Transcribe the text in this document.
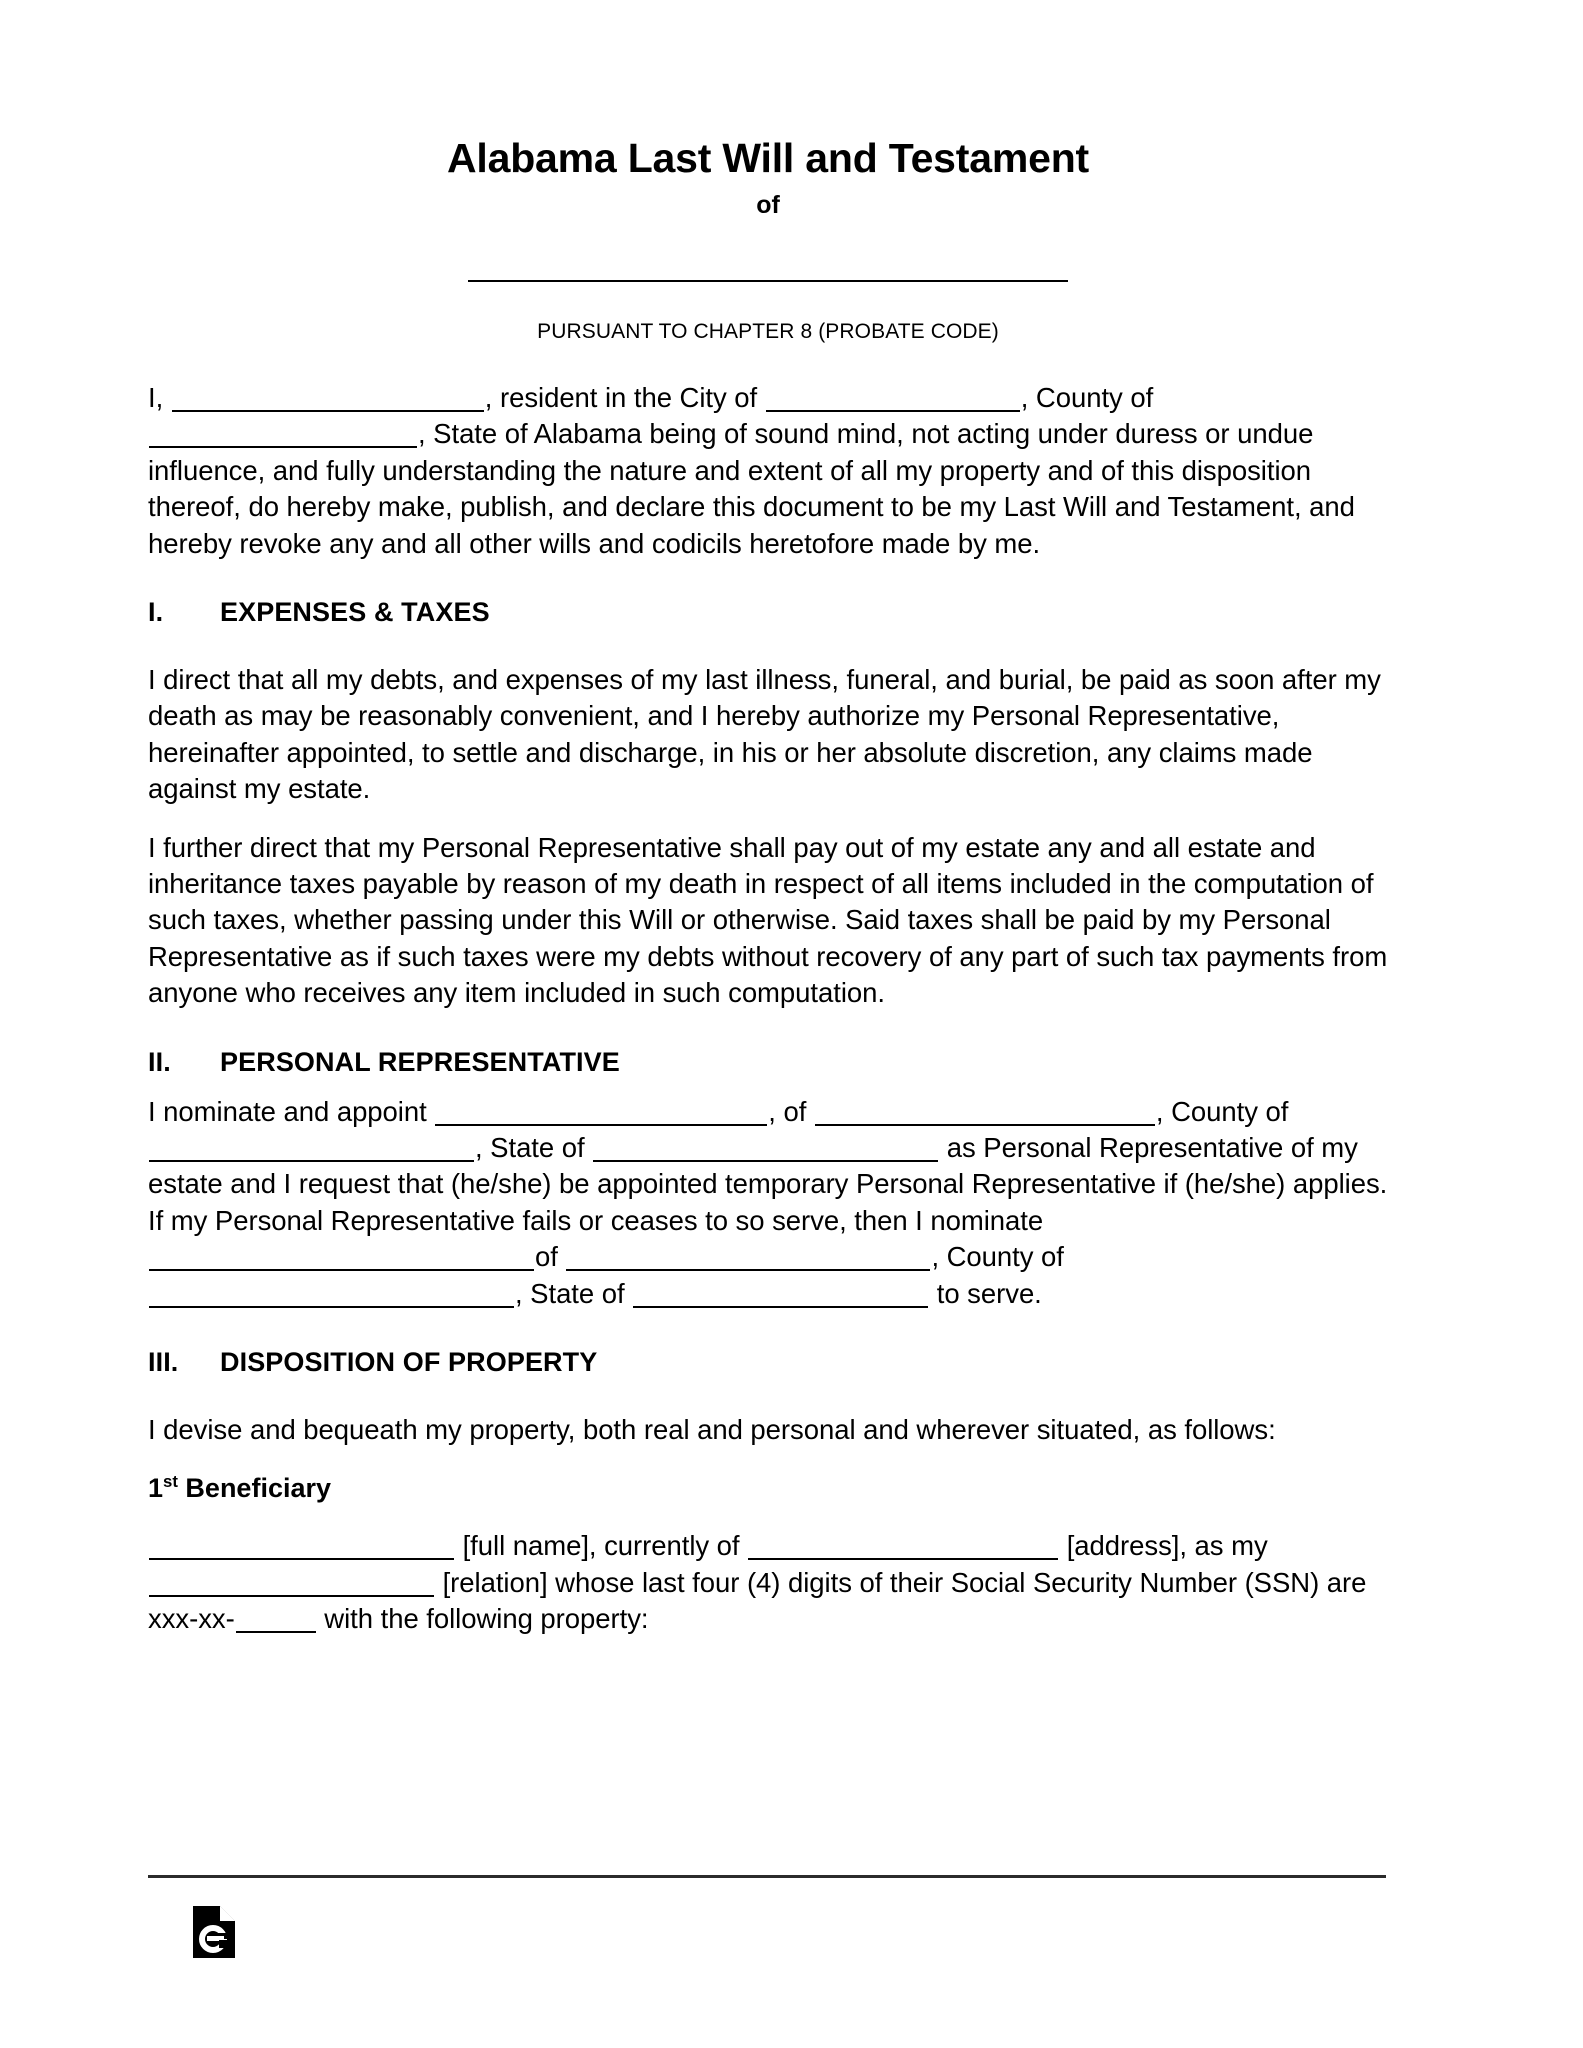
Alabama Last Will and Testament
of
PURSUANT TO CHAPTER 8 (PROBATE CODE)

I,	, resident in the City of	, County of , State of Alabama being of sound mind, not acting under duress or undue influence, and fully understanding the nature and extent of all my property and of this disposition thereof, do hereby make, publish, and declare this document to be my Last Will and Testament, and hereby revoke any and all other wills and codicils heretofore made by me.

I. EXPENSES & TAXES

I direct that all my debts, and expenses of my last illness, funeral, and burial, be paid as soon after my death as may be reasonably convenient, and I hereby authorize my Personal Representative, hereinafter appointed, to settle and discharge, in his or her absolute discretion, any claims made against my estate.

I further direct that my Personal Representative shall pay out of my estate any and all estate and inheritance taxes payable by reason of my death in respect of all items included in the computation of such taxes, whether passing under this Will or otherwise. Said taxes shall be paid by my Personal Representative as if such taxes were my debts without recovery of any part of such tax payments from anyone who receives any item included in such computation.

II. PERSONAL REPRESENTATIVE

I nominate and appoint	, of	, County of , State of	as Personal Representative of my estate and I request that (he/she) be appointed temporary Personal Representative if (he/she) applies. If my Personal Representative fails or ceases to so serve, then I nominate of	, County of , State of	to serve.

III. DISPOSITION OF PROPERTY

I devise and bequeath my property, both real and personal and wherever situated, as follows:

1st Beneficiary

[full name], currently of	[address], as my  [relation] whose last four (4) digits of their Social Security Number (SSN) are xxx-xx-	with the following property:
